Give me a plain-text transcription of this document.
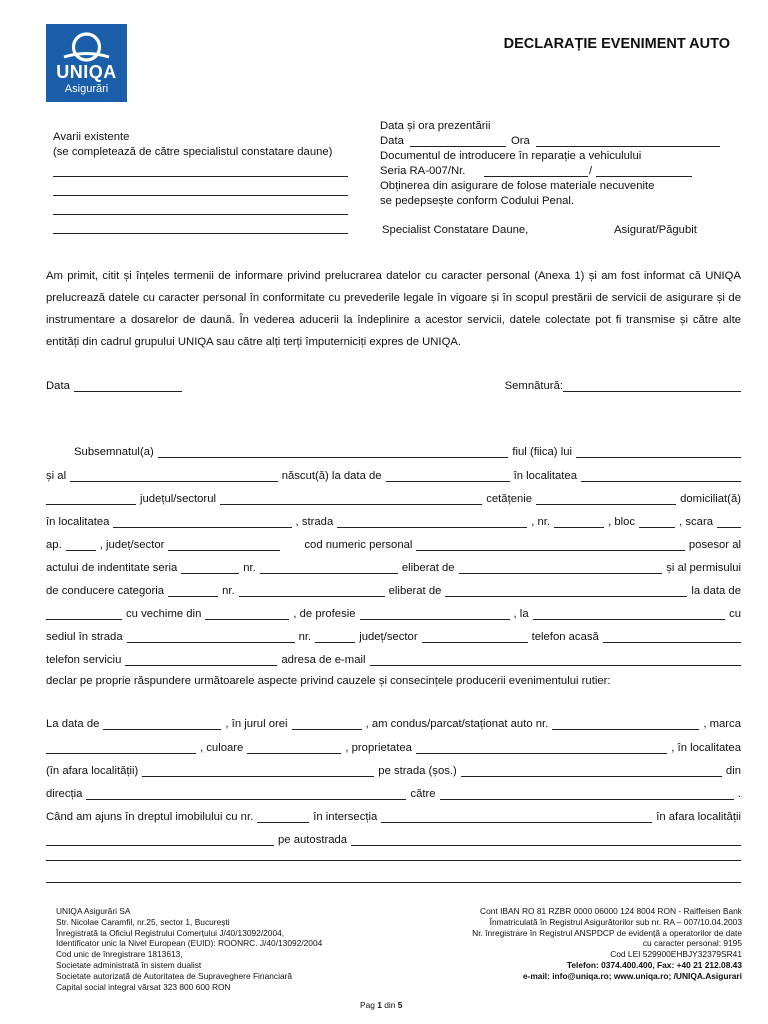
UNIQA
Asigurări
DECLARAȚIE EVENIMENT AUTO
Avarii existente
(se completează de către specialistul constatare daune)
Data și ora prezentării
Data	Ora
Documentul de introducere în reparație a vehiculului
Seria RA-007/Nr.	/
Obținerea din asigurare de folose materiale necuvenite
se pedepsește conform Codului Penal.
Specialist Constatare Daune,	Asigurat/Păgubit
Am primit, citit și înțeles termenii de informare privind prelucrarea datelor cu caracter personal (Anexa 1) și am fost informat că UNIQA prelucrează datele cu caracter personal în conformitate cu prevederile legale în vigoare și în scopul prestării de servicii de asigurare și de instrumentare a dosarelor de daună. În vederea aducerii la îndeplinire a acestor servicii, datele colectate pot fi transmise și către alte entități din cadrul grupului UNIQA sau către alți terți împuterniciți expres de UNIQA.
Data	Semnătură:
Subsemnatul(a)	fiul (fiica) lui
și al	născut(ă) la data de	în localitatea
județul/sectorul	cetățenie	domiciliat(ă)
în localitatea	, strada	, nr.	, bloc	, scara
ap.	, județ/sector	cod numeric personal	posesor al
actului de indentitate seria	nr.	eliberat de	și al permisului
de conducere categoria	nr.	eliberat de	la data de
cu vechime din	, de profesie	, la	cu
sediul în strada	nr.	județ/sector	telefon acasă
telefon serviciu	adresa de e-mail
declar pe proprie răspundere următoarele aspecte privind cauzele și consecințele producerii evenimentului rutier:
La data de	, în jurul orei	, am condus/parcat/staționat auto nr.	, marca
, culoare	, proprietatea	, în localitatea
(în afara localității)	pe strada (șos.)	din
direcția	către	.
Când am ajuns în dreptul imobilului cu nr.	în intersecția	în afara localității
pe autostrada
UNIQA Asigurări SA
Str. Nicolae Caramfil, nr.25, sector 1, București
Înregistrată la Oficiul Registrului Comerțului J/40/13092/2004,
Identificator unic la Nivel European (EUID): ROONRC. J/40/13092/2004
Cod unic de înregistrare 1813613,
Societate administrată în sistem dualist
Societate autorizată de Autoritatea de Supraveghere Financiară
Capital social integral vărsat 323 800 600 RON
Cont IBAN RO 81 RZBR 0000 06000 124 8004 RON - Raiffeisen Bank
Înmatriculată în Registrul Asigurătorilor sub nr. RA – 007/10.04.2003
Nr. înregistrare în Registrul ANSPDCP de evidență a operatorilor de date
cu caracter personal: 9195
Cod LEI 529900EHBJY32379SR41
Telefon: 0374.400.400, Fax: +40 21 212.08.43
e-mail: info@uniqa.ro; www.uniqa.ro; /UNIQA.Asigurari
Pag 1 din 5
